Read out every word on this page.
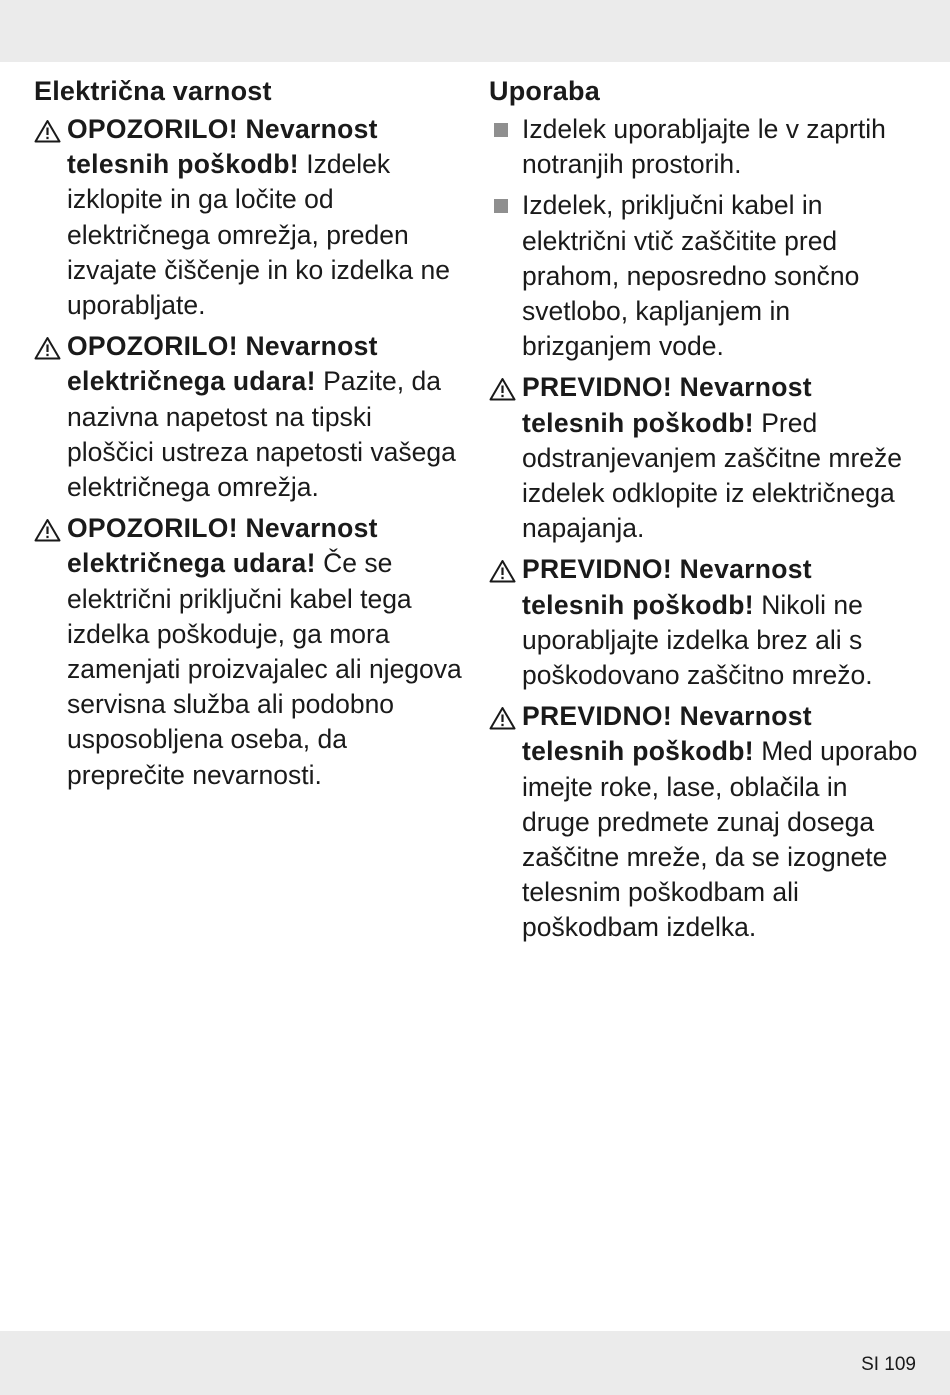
Električna varnost
OPOZORILO! Nevarnost telesnih poškodb! Izdelek izklopite in ga ločite od električnega omrežja, preden izvajate čiščenje in ko izdelka ne uporabljate.
OPOZORILO! Nevarnost električnega udara! Pazite, da nazivna napetost na tipski ploščici ustreza napetosti vašega električnega omrežja.
OPOZORILO! Nevarnost električnega udara! Če se električni priključni kabel tega izdelka poškoduje, ga mora zamenjati proizvajalec ali njegova servisna služba ali podobno usposobljena oseba, da preprečite nevarnosti.
Uporaba
Izdelek uporabljajte le v zaprtih notranjih prostorih.
Izdelek, priključni kabel in električni vtič zaščitite pred prahom, neposredno sončno svetlobo, kapljanjem in brizganjem vode.
PREVIDNO! Nevarnost telesnih poškodb! Pred odstranjevanjem zaščitne mreže izdelek odklopite iz električnega napajanja.
PREVIDNO! Nevarnost telesnih poškodb! Nikoli ne uporabljajte izdelka brez ali s poškodovano zaščitno mrežo.
PREVIDNO! Nevarnost telesnih poškodb! Med uporabo imejte roke, lase, oblačila in druge predmete zunaj dosega zaščitne mreže, da se izognete telesnim poškodbam ali poškodbam izdelka.
SI 109
